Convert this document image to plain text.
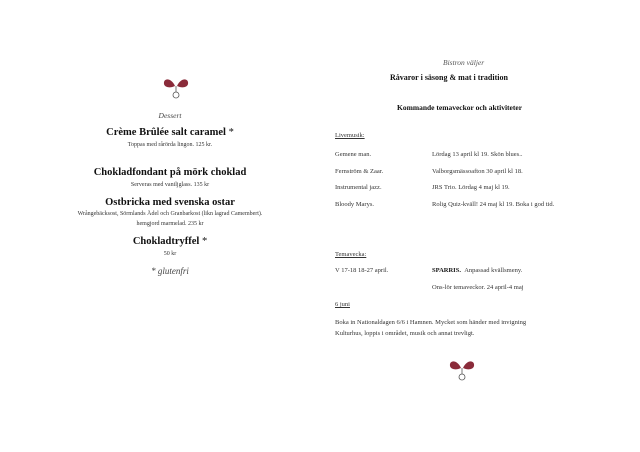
Dessert
Crème Brûlée salt caramel *
Toppas med rårörda lingon. 125 kr.
Chokladfondant på mörk choklad
Serveras med vaniljglass. 135 kr
Ostbricka med svenska ostar
Wrångebäcksost, Sörmlands Ädel och Granbarkost (likn lagrad Camembert).
hemgjord marmelad. 235 kr
Chokladtryffel *
50 kr
* glutenfri
Bistron väljer
Råvaror i säsong & mat i tradition
Kommande temaveckor och aktiviteter
Livemusik:
Gemene man.	Lördag 13 april kl 19. Skön blues..
Fernström & Zaar.	Valborgsmässoafton 30 april kl 18.
Instrumental jazz.	JRS Trio. Lördag 4 maj kl 19.
Bloody Marys.	Rolig Quiz-kväll! 24 maj kl 19. Boka i god tid.
Temavecka:
V 17-18 18-27 april.	SPARRIS. Anpassad kvällsmeny.
Ons-lör temaveckor. 24 april-4 maj
6 juni
Boka in Nationaldagen 6/6 i Hamnen. Mycket som händer med invigning
Kulturhus, loppis i området, musik och annat trevligt.
